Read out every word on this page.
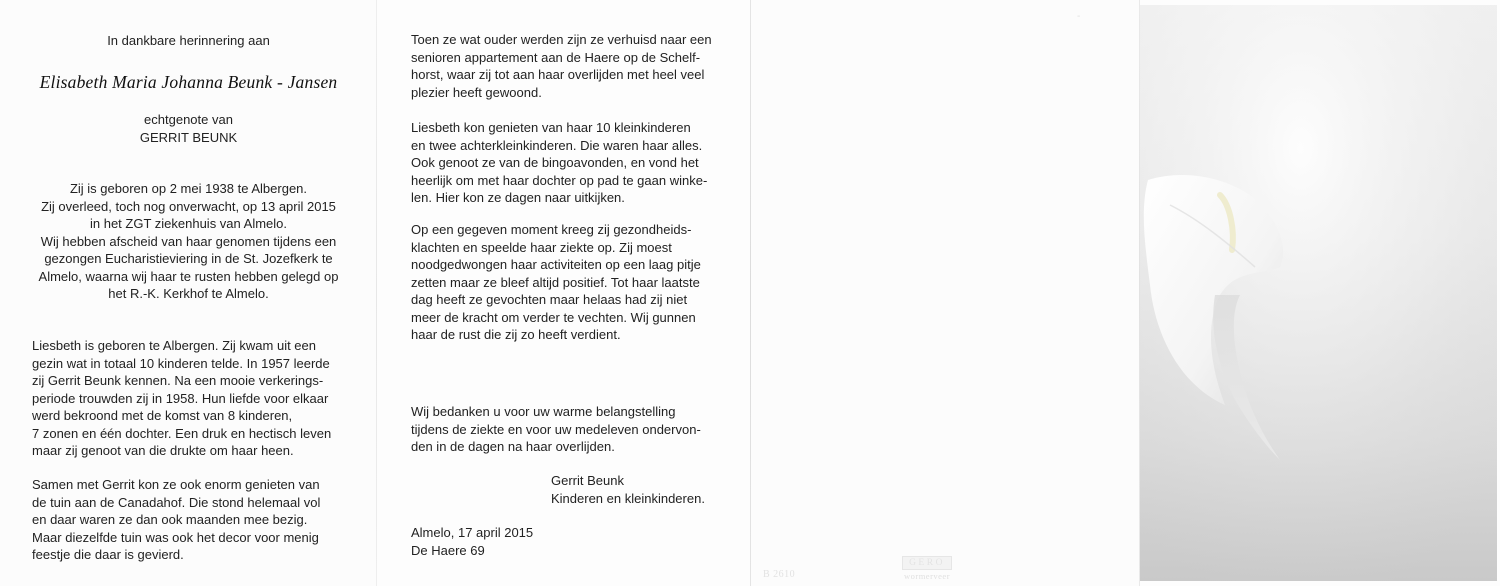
In dankbare herinnering aan
Elisabeth Maria Johanna Beunk - Jansen
echtgenote van
GERRIT BEUNK
Zij is geboren op 2 mei 1938 te Albergen.
Zij overleed, toch nog onverwacht, op 13 april 2015
in het ZGT ziekenhuis van Almelo.
Wij hebben afscheid van haar genomen tijdens een
gezongen Eucharistieviering in de St. Jozefkerk te
Almelo, waarna wij haar te rusten hebben gelegd op
het R.-K. Kerkhof te Almelo.
Liesbeth is geboren te Albergen. Zij kwam uit een
gezin wat in totaal 10 kinderen telde. In 1957 leerde
zij Gerrit Beunk kennen. Na een mooie verkerings-
periode trouwden zij in 1958. Hun liefde voor elkaar
werd bekroond met de komst van 8 kinderen,
7 zonen en één dochter. Een druk en hectisch leven
maar zij genoot van die drukte om haar heen.
Samen met Gerrit kon ze ook enorm genieten van
de tuin aan de Canadahof. Die stond helemaal vol
en daar waren ze dan ook maanden mee bezig.
Maar diezelfde tuin was ook het decor voor menig
feestje die daar is gevierd.
Toen ze wat ouder werden zijn ze verhuisd naar een
senioren appartement aan de Haere op de Schelf-
horst, waar zij tot aan haar overlijden met heel veel
plezier heeft gewoond.
Liesbeth kon genieten van haar 10 kleinkinderen
en twee achterkleinkinderen. Die waren haar alles.
Ook genoot ze van de bingoavonden, en vond het
heerlijk om met haar dochter op pad te gaan winke-
len. Hier kon ze dagen naar uitkijken.
Op een gegeven moment kreeg zij gezondheids-
klachten en speelde haar ziekte op. Zij moest
noodgedwongen haar activiteiten op een laag pitje
zetten maar ze bleef altijd positief. Tot haar laatste
dag heeft ze gevochten maar helaas had zij niet
meer de kracht om verder te vechten. Wij gunnen
haar de rust die zij zo heeft verdient.
Wij bedanken u voor uw warme belangstelling
tijdens de ziekte en voor uw medeleven ondervon-
den in de dagen na haar overlijden.
Gerrit Beunk
Kinderen en kleinkinderen.
Almelo, 17 april 2015
De Haere 69
‐
B 2610
GERO
wormerveer
